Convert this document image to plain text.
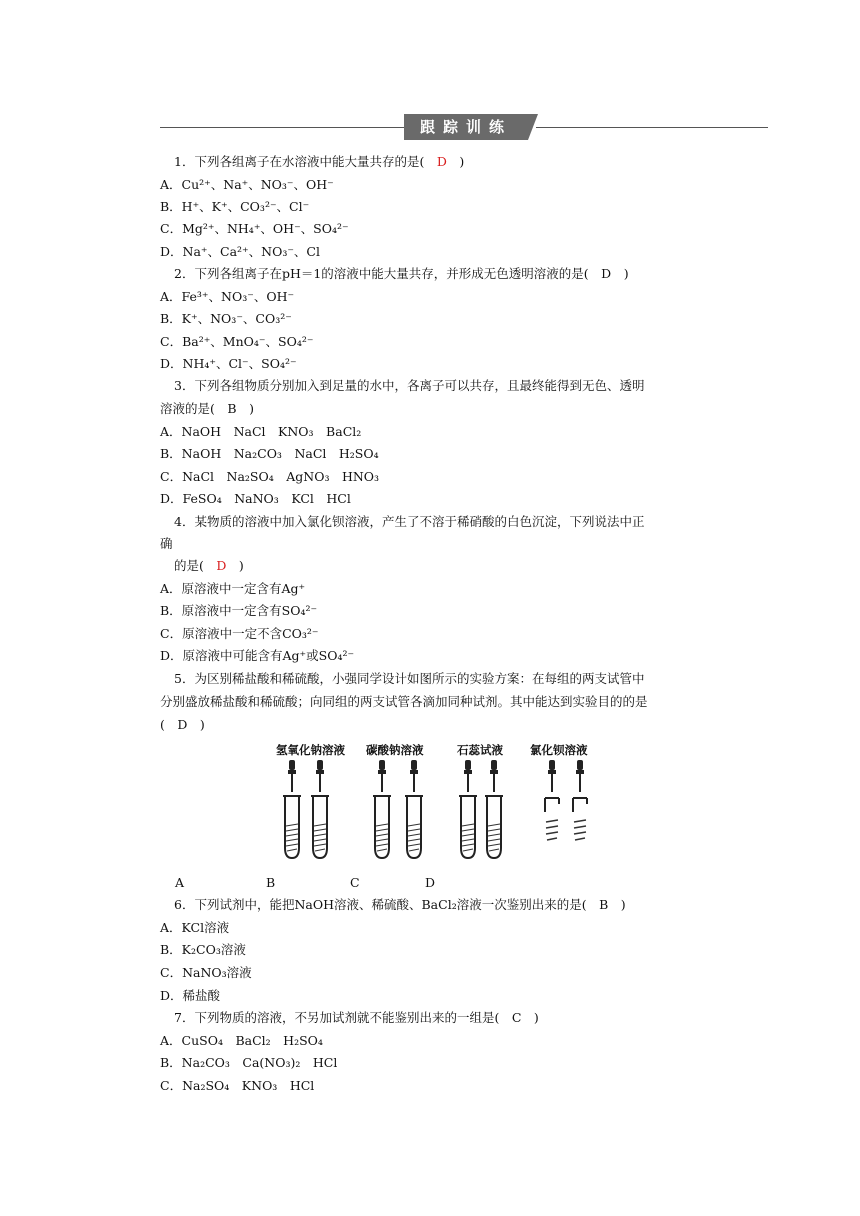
跟踪训练
1．下列各组离子在水溶液中能大量共存的是(　D　)
A．Cu²⁺、Na⁺、NO₃⁻、OH⁻
B．H⁺、K⁺、CO₃²⁻、Cl⁻
C．Mg²⁺、NH₄⁺、OH⁻、SO₄²⁻
D．Na⁺、Ca²⁺、NO₃⁻、Cl
2．下列各组离子在pH＝1的溶液中能大量共存，并形成无色透明溶液的是(　D　)
A．Fe³⁺、NO₃⁻、OH⁻
B．K⁺、NO₃⁻、CO₃²⁻
C．Ba²⁺、MnO₄⁻、SO₄²⁻
D．NH₄⁺、Cl⁻、SO₄²⁻
3．下列各组物质分别加入到足量的水中，各离子可以共存，且最终能得到无色、透明
溶液的是(　B　)
A．NaOH　NaCl　KNO₃　BaCl₂
B．NaOH　Na₂CO₃　NaCl　H₂SO₄
C．NaCl　Na₂SO₄　AgNO₃　HNO₃
D．FeSO₄　NaNO₃　KCl　HCl
4．某物质的溶液中加入氯化钡溶液，产生了不溶于稀硝酸的白色沉淀，下列说法中正
确
的是(　D　)
A．原溶液中一定含有Ag⁺
B．原溶液中一定含有SO₄²⁻
C．原溶液中一定不含CO₃²⁻
D．原溶液中可能含有Ag⁺或SO₄²⁻
5．为区别稀盐酸和稀硫酸，小强同学设计如图所示的实验方案：在每组的两支试管中
分别盛放稀盐酸和稀硫酸；向同组的两支试管各滴加同种试剂。其中能达到实验目的的是
(　D　)
氢氧化钠溶液 碳酸钠溶液	石蕊试液 氯化钡溶液
A	B	C	D
6．下列试剂中，能把NaOH溶液、稀硫酸、BaCl₂溶液一次鉴别出来的是(　B　)
A．KCl溶液
B．K₂CO₃溶液
C．NaNO₃溶液
D．稀盐酸
7．下列物质的溶液，不另加试剂就不能鉴别出来的一组是(　C　)
A．CuSO₄　BaCl₂　H₂SO₄
B．Na₂CO₃　Ca(NO₃)₂　HCl
C．Na₂SO₄　KNO₃　HCl
